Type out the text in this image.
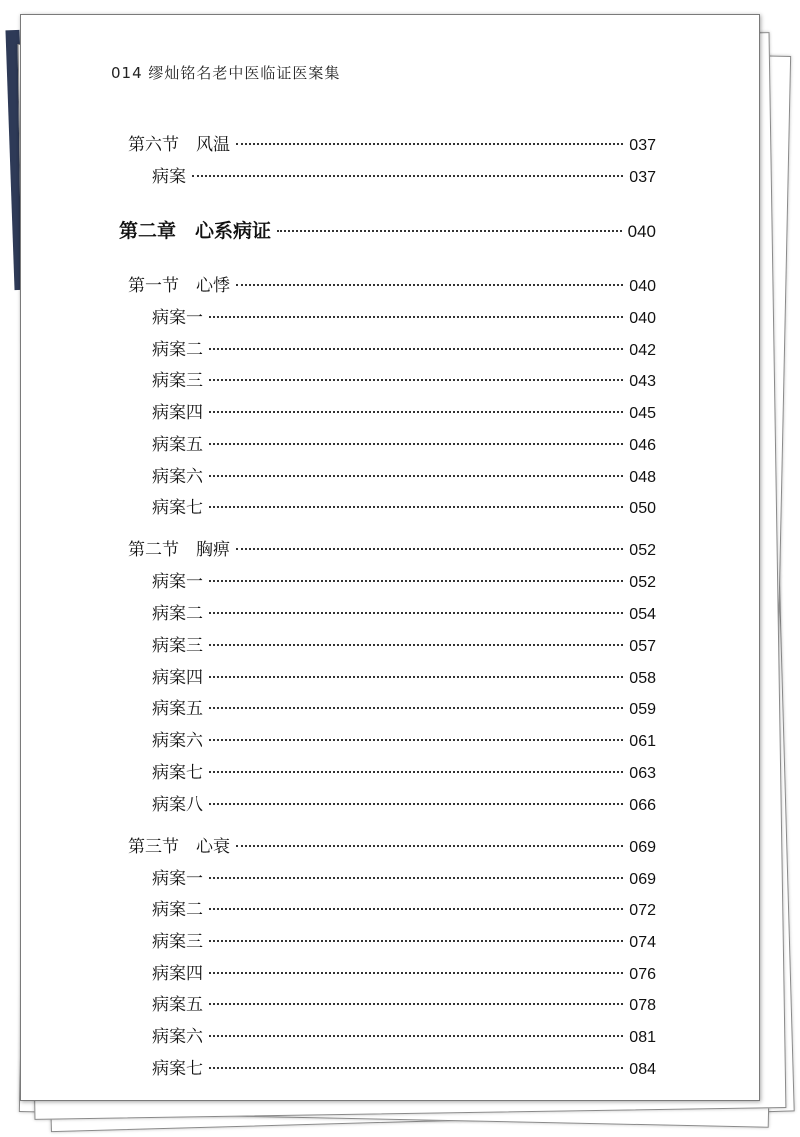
014 缪灿铭名老中医临证医案集
第六节　风温	037
病案	037
第二章　心系病证	040
第一节　心悸	040
病案一	040
病案二	042
病案三	043
病案四	045
病案五	046
病案六	048
病案七	050
第二节　胸痹	052
病案一	052
病案二	054
病案三	057
病案四	058
病案五	059
病案六	061
病案七	063
病案八	066
第三节　心衰	069
病案一	069
病案二	072
病案三	074
病案四	076
病案五	078
病案六	081
病案七	084
